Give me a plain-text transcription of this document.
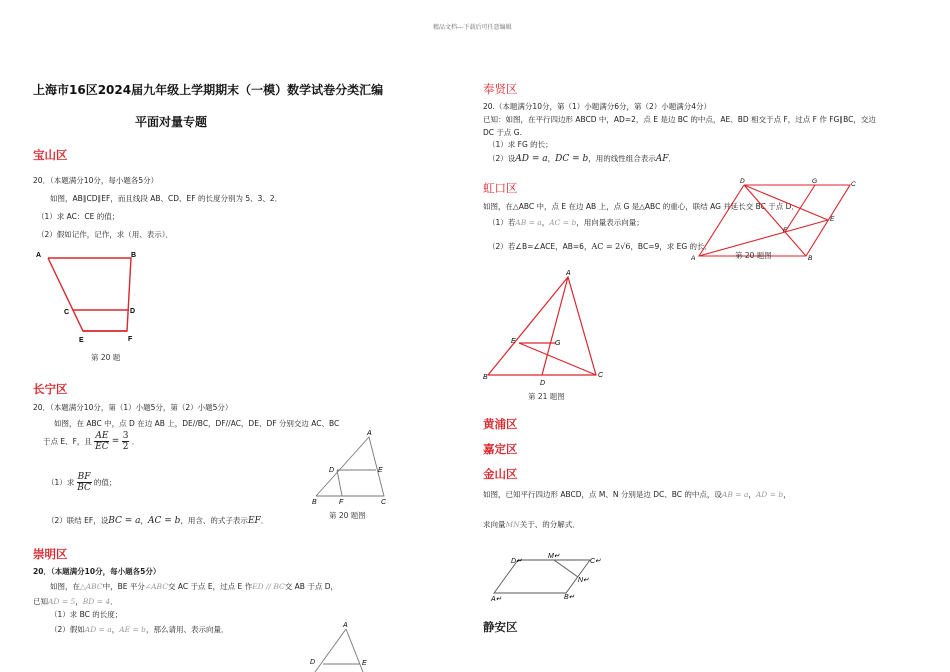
精品文档---下载后可任意编辑
上海市16区2024届九年级上学期期末（一模）数学试卷分类汇编
平面对量专题
宝山区
20．（本题满分10分，每小题各5分）
如图，AB∥CD∥EF，而且线段 AB、CD、EF 的长度分别为 5、3、2．
（1）求 AC：CE 的值；
（2）假如记作，记作，求（用、表示）．
A	B
C	D
E	F
第 20 题
长宁区
20．（本题满分10分，第（1）小题5分，第（2）小题5分）
如图，在 ABC 中，点 D 在边 AB 上，DE//BC，DF//AC，DE、DF 分别交边 AC、BC
于点 E、F，且 $\frac{AE}{EC} = \frac{3}{2}$ ．
（1）求 $\frac{BF}{BC}$ 的值；
（2）联结 EF，设BC = a，AC = b，用含、的式子表示EF．
A
D	E
B	F	C
第 20 题图
崇明区
20．（本题满分10分，每小题各5分）
如图，在△ABC中，BE 平分∠ABC交 AC 于点 E，过点 E 作ED // BC交 AB 于点 D，
已知AD = 5，BD = 4．
（1）求 BC 的长度；
（2）假如AD = a，AE = b，那么请用、表示向量．	A
D	E
奉贤区
20.（本题满分10分，第（1）小题满分6分，第（2）小题满分4分）
已知：如图，在平行四边形 ABCD 中，AD=2，点 E 是边 BC 的中点，AE、BD 相交于点 F，过点 F 作 FG∥BC，交边
DC 于点 G.
（1）求 FG 的长；
（2）设AD = a，DC = b，用的线性组合表示AF．
虹口区
如图，在△ABC 中，点 E 在边 AB 上，点 G 是△ABC 的重心，联结 AG 并延长交 BC 于点 D．
（1）若AB = a，AC = b，用向量表示向量；
（2）若∠B=∠ACE，AB=6，AC = 2√6，BC=9，求 EG 的长．
D	G	C
E
F
A	B
第 20 题图
A
E	G
B
D
C
第 21 题图
黄浦区
嘉定区
金山区
如图，已知平行四边形 ABCD，点 M、N 分别是边 DC、BC 的中点，设AB = a，AD = b，
求向量MN关于、的分解式．
D↵
M↵
C↵
N↵
A↵	B↵
静安区
